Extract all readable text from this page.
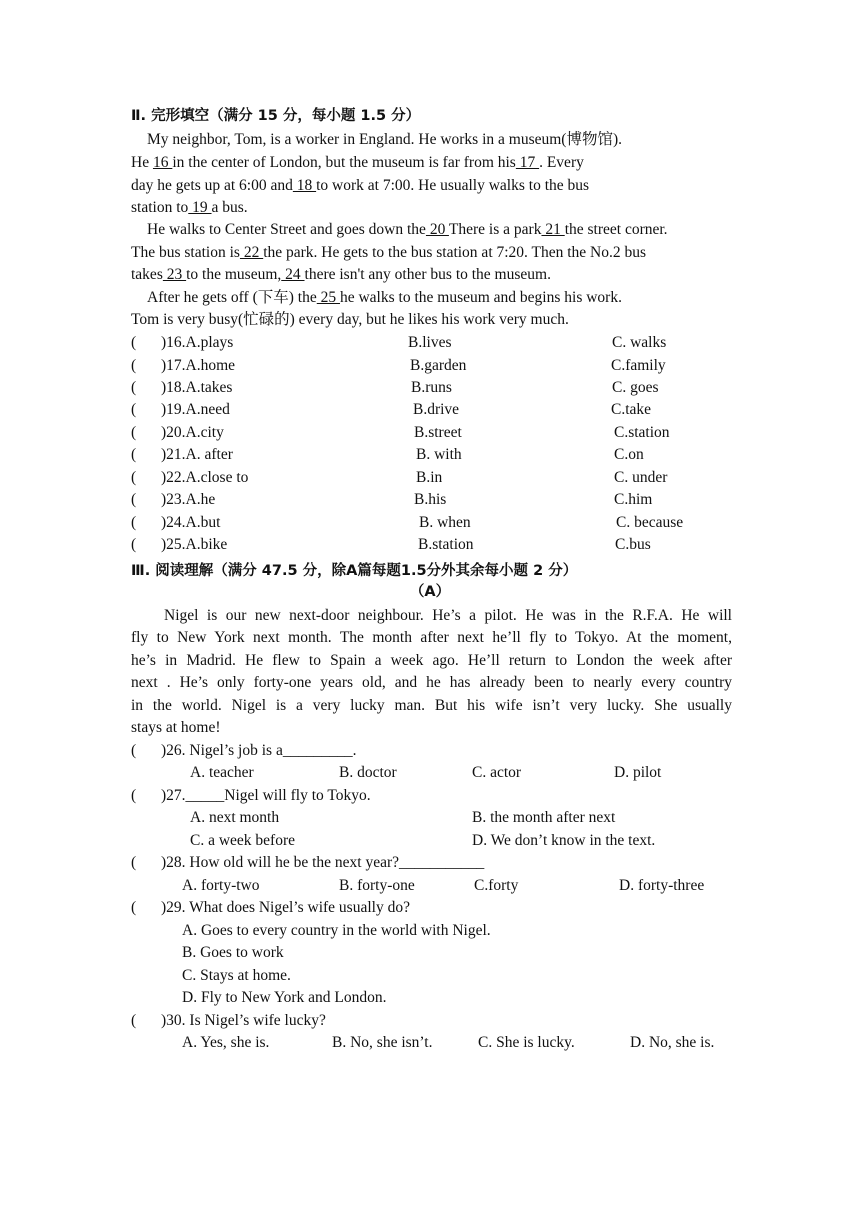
Ⅱ. 完形填空（满分 15 分，每小题 1.5 分）
My neighbor, Tom, is a worker in England. He works in a museum(博物馆).
He 16 in the center of London, but the museum is far from his 17 . Every
day he gets up at 6:00 and 18 to work at 7:00. He usually walks to the bus
station to 19 a bus.
He walks to Center Street and goes down the 20 There is a park 21 the street corner.
The bus station is 22 the park. He gets to the bus station at 7:20. Then the No.2 bus
takes 23 to the museum, 24 there isn't any other bus to the museum.
After he gets off (下车) the 25 he walks to the museum and begins his work.
Tom is very busy(忙碌的) every day, but he likes his work very much.
( )16.A.plays	B.lives	C. walks
( )17.A.home	B.garden	C.family
( )18.A.takes	B.runs	C. goes
( )19.A.need	B.drive	C.take
( )20.A.city	B.street	C.station
( )21.A. after	B. with	C.on
( )22.A.close to	B.in	C. under
( )23.A.he	B.his	C.him
( )24.A.but	B. when	C. because
( )25.A.bike	B.station	C.bus
Ⅲ. 阅读理解（满分 47.5 分，除A篇每题1.5分外其余每小题 2 分）
（A）
Nigel is our new next-door neighbour. He’s a pilot. He was in the R.F.A. He will
fly to New York next month. The month after next he’ll fly to Tokyo. At the moment,
he’s in Madrid. He flew to Spain a week ago. He’ll return to London the week after
next . He’s only forty-one years old, and he has already been to nearly every country
in the world. Nigel is a very lucky man. But his wife isn’t very lucky. She usually
stays at home!
( )26. Nigel’s job is a_________.
A. teacher	B. doctor	C. actor	D. pilot
( )27._____Nigel will fly to Tokyo.
A. next month	B. the month after next
C. a week before	D. We don’t know in the text.
( )28. How old will he be the next year?___________
A. forty-two	B. forty-one	C.forty	D. forty-three
( )29. What does Nigel’s wife usually do?
A. Goes to every country in the world with Nigel.
B. Goes to work
C. Stays at home.
D. Fly to New York and London.
( )30. Is Nigel’s wife lucky?
A. Yes, she is.	B. No, she isn’t.	C. She is lucky.	D. No, she is.
